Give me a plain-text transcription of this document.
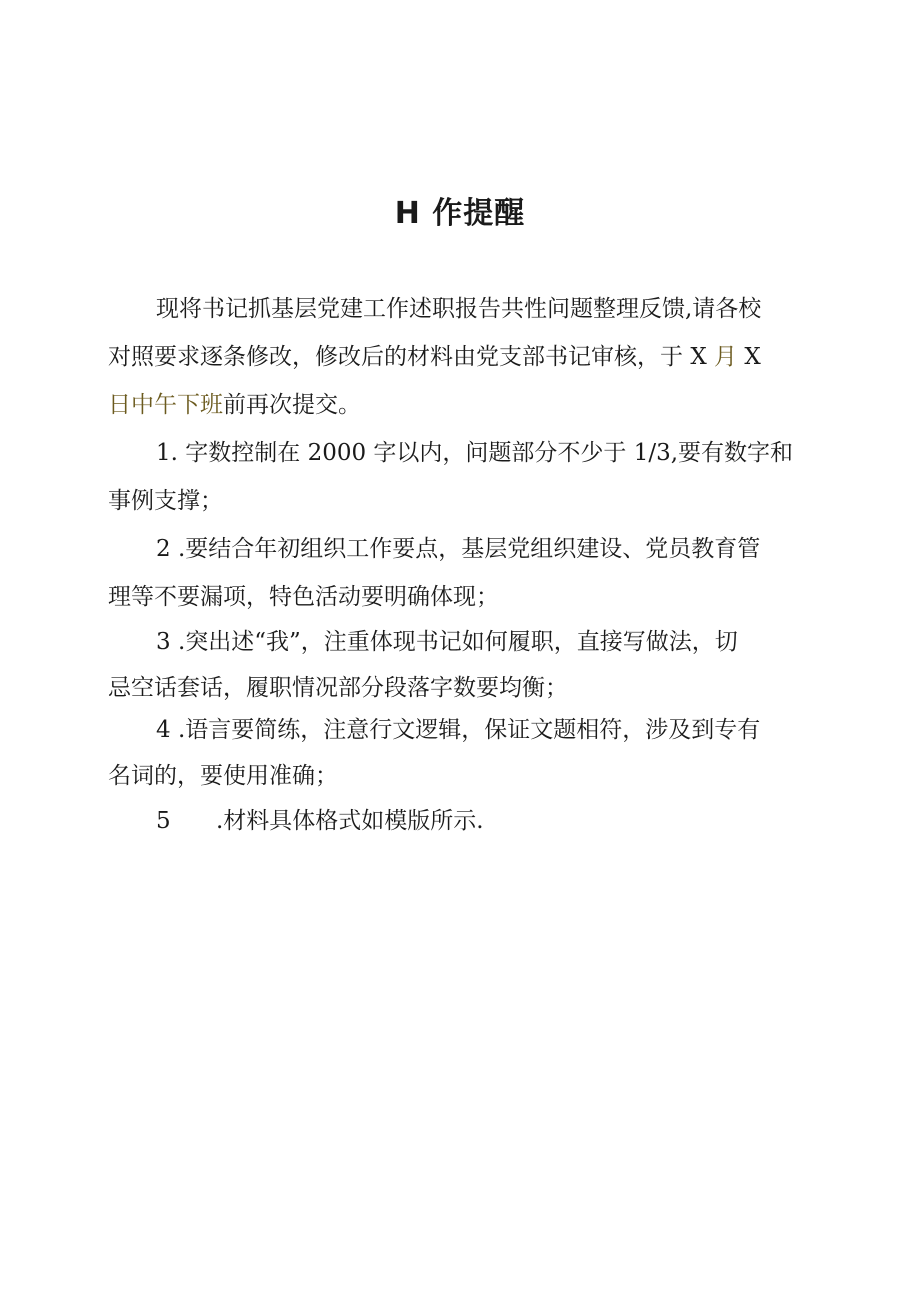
H 作提醒
现将书记抓基层党建工作述职报告共性问题整理反馈,请各校
对照要求逐条修改，修改后的材料由党支部书记审核，于 X 月 X
日中午下班前再次提交。
1. 字数控制在 2000 字以内，问题部分不少于 1/3,要有数字和
事例支撑；
2 .要结合年初组织工作要点，基层党组织建设、党员教育管
理等不要漏项，特色活动要明确体现；
3 .突出述“我”，注重体现书记如何履职，直接写做法，切
忌空话套话，履职情况部分段落字数要均衡；
4 .语言要简练，注意行文逻辑，保证文题相符，涉及到专有
名词的，要使用准确；
5 .材料具体格式如模版所示.
